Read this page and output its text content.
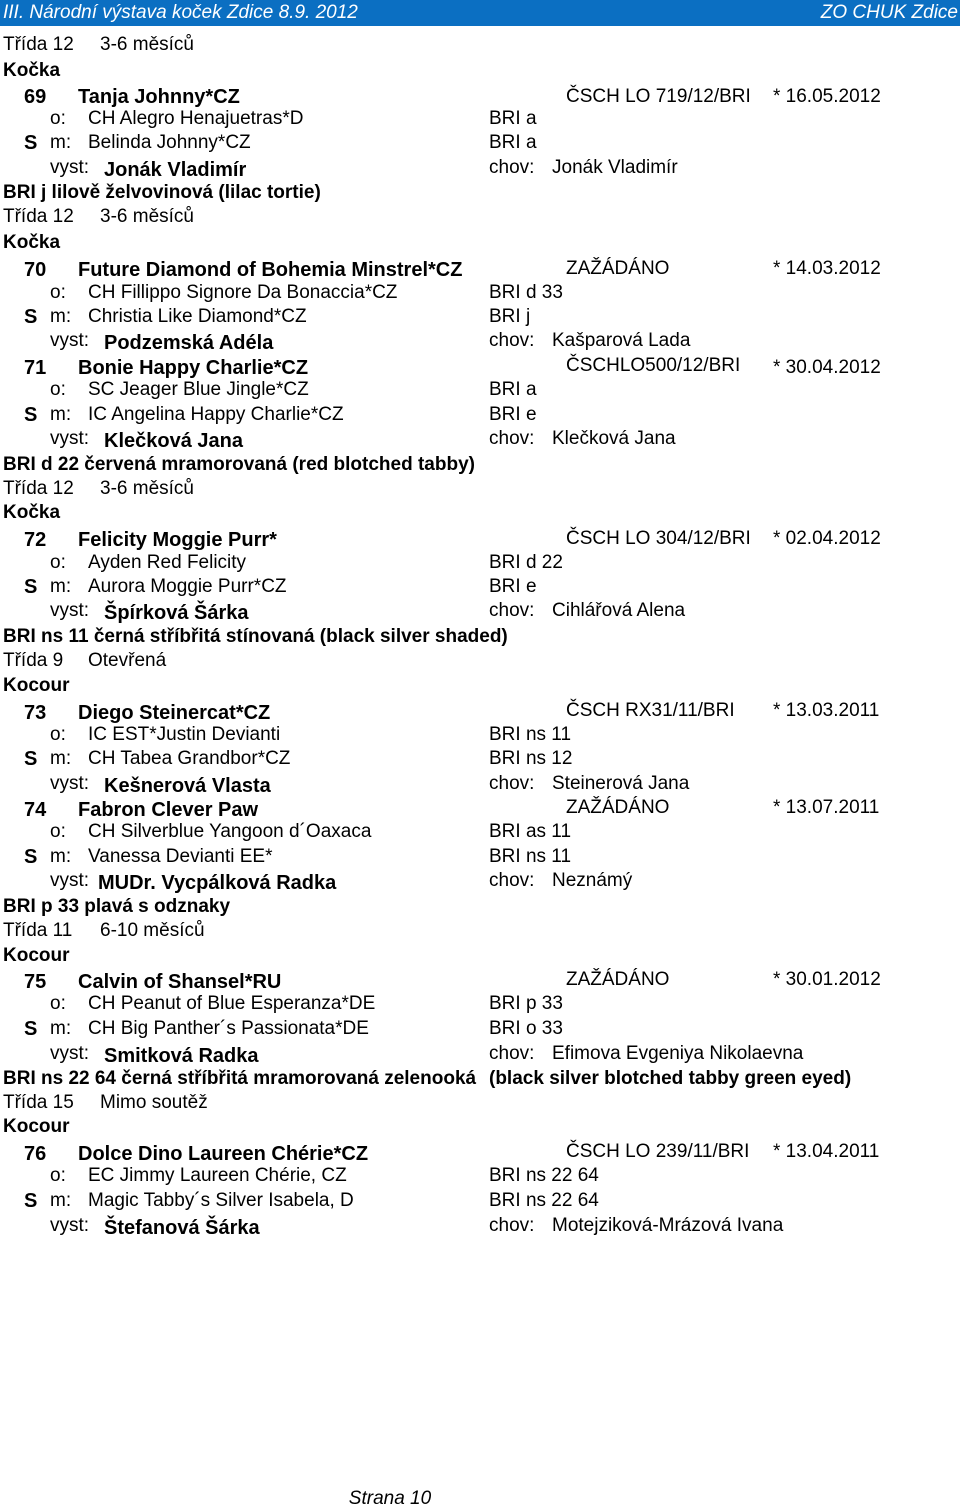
III. Národní výstava koček Zdice 8.9. 2012	ZO CHUK Zdice
Třída 12 3-6 měsíců
Kočka
69 Tanja Johnny*CZ	ČSCH LO 719/12/BRI * 16.05.2012
o: CH Alegro Henajuetras*D	BRI a
S m: Belinda Johnny*CZ	BRI a
vyst: Jonák Vladimír	chov: Jonák Vladimír
BRI j lilově želvovinová (lilac tortie)
Třída 12 3-6 měsíců
Kočka
70 Future Diamond of Bohemia Minstrel*CZ	ZAŽÁDÁNO	* 14.03.2012
o: CH Fillippo Signore Da Bonaccia*CZ	BRI d 33
S m: Christia Like Diamond*CZ	BRI j
vyst: Podzemská Adéla	chov: Kašparová Lada
71 Bonie Happy Charlie*CZ	ČSCHLO500/12/BRI * 30.04.2012
o: SC Jeager Blue Jingle*CZ	BRI a
S m: IC Angelina Happy Charlie*CZ	BRI e
vyst: Klečková Jana	chov: Klečková Jana
BRI d 22 červená mramorovaná (red blotched tabby)
Třída 12 3-6 měsíců
Kočka
72 Felicity Moggie Purr*	ČSCH LO 304/12/BRI * 02.04.2012
o: Ayden Red Felicity	BRI d 22
S m: Aurora Moggie Purr*CZ	BRI e
vyst: Špírková Šárka	chov: Cihlářová Alena
BRI ns 11 černá stříbřitá stínovaná (black silver shaded)
Třída 9 Otevřená
Kocour
73 Diego Steinercat*CZ	ČSCH RX31/11/BRI * 13.03.2011
o: IC EST*Justin Devianti	BRI ns 11
S m: CH Tabea Grandbor*CZ	BRI ns 12
vyst: Kešnerová Vlasta	chov: Steinerová Jana
74 Fabron Clever Paw	ZAŽÁDÁNO	* 13.07.2011
o: CH Silverblue Yangoon d´Oaxaca	BRI as 11
S m: Vanessa Devianti EE*	BRI ns 11
vyst: MUDr. Vycpálková Radka	chov: Neznámý
BRI p 33 plavá s odznaky
Třída 11 6-10 měsíců
Kocour
75 Calvin of Shansel*RU	ZAŽÁDÁNO	* 30.01.2012
o: CH Peanut of Blue Esperanza*DE	BRI p 33
S m: CH Big Panther´s Passionata*DE	BRI o 33
vyst: Smitková Radka	chov: Efimova Evgeniya Nikolaevna
BRI ns 22 64 černá stříbřitá mramorovaná zelenooká (black silver blotched tabby green eyed)
Třída 15 Mimo soutěž
Kocour
76 Dolce Dino Laureen Chérie*CZ	ČSCH LO 239/11/BRI * 13.04.2011
o: EC Jimmy Laureen Chérie, CZ	BRI ns 22 64
S m: Magic Tabby´s Silver Isabela, D	BRI ns 22 64
vyst: Štefanová Šárka	chov: Motejziková-Mrázová Ivana
Strana 10
